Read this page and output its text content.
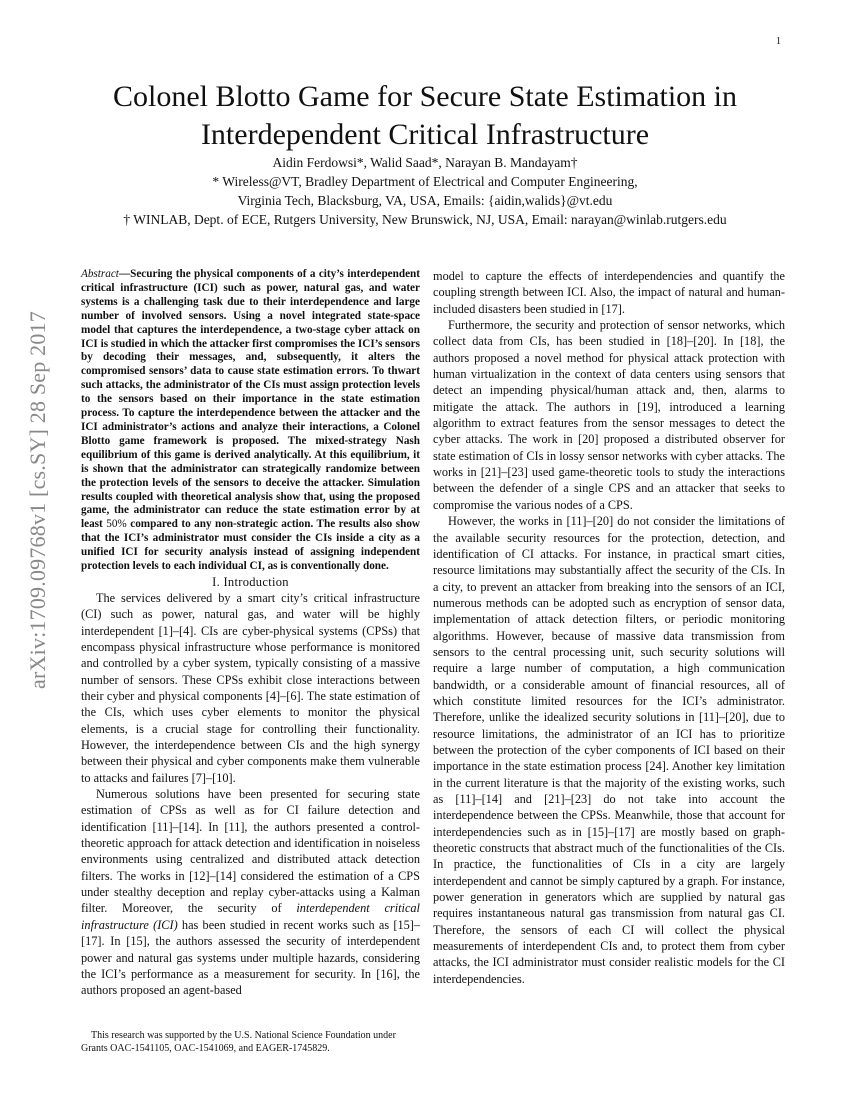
1
arXiv:1709.09768v1 [cs.SY] 28 Sep 2017
Colonel Blotto Game for Secure State Estimation in Interdependent Critical Infrastructure
Aidin Ferdowsi*, Walid Saad*, Narayan B. Mandayam†
* Wireless@VT, Bradley Department of Electrical and Computer Engineering,
Virginia Tech, Blacksburg, VA, USA, Emails: {aidin,walids}@vt.edu
† WINLAB, Dept. of ECE, Rutgers University, New Brunswick, NJ, USA, Email: narayan@winlab.rutgers.edu
Abstract—Securing the physical components of a city’s interdependent critical infrastructure (ICI) such as power, natural gas, and water systems is a challenging task due to their interdependence and large number of involved sensors. Using a novel integrated state-space model that captures the interdependence, a two-stage cyber attack on ICI is studied in which the attacker first compromises the ICI’s sensors by decoding their messages, and, subsequently, it alters the compromised sensors’ data to cause state estimation errors. To thwart such attacks, the administrator of the CIs must assign protection levels to the sensors based on their importance in the state estimation process. To capture the interdependence between the attacker and the ICI administrator’s actions and analyze their interactions, a Colonel Blotto game framework is proposed. The mixed-strategy Nash equilibrium of this game is derived analytically. At this equilibrium, it is shown that the administrator can strategically randomize between the protection levels of the sensors to deceive the attacker. Simulation results coupled with theoretical analysis show that, using the proposed game, the administrator can reduce the state estimation error by at least 50% compared to any non-strategic action. The results also show that the ICI’s administrator must consider the CIs inside a city as a unified ICI for security analysis instead of assigning independent protection levels to each individual CI, as is conventionally done.
I. Introduction

The services delivered by a smart city’s critical infrastructure (CI) such as power, natural gas, and water will be highly interdependent [1]–[4]. CIs are cyber-physical systems (CPSs) that encompass physical infrastructure whose performance is monitored and controlled by a cyber system, typically consisting of a massive number of sensors. These CPSs exhibit close interactions between their cyber and physical components [4]–[6]. The state estimation of the CIs, which uses cyber elements to monitor the physical elements, is a crucial stage for controlling their functionality. However, the interdependence between CIs and the high synergy between their physical and cyber components make them vulnerable to attacks and failures [7]–[10].

Numerous solutions have been presented for securing state estimation of CPSs as well as for CI failure detection and identification [11]–[14]. In [11], the authors presented a control-theoretic approach for attack detection and identification in noiseless environments using centralized and distributed attack detection filters. The works in [12]–[14] considered the estimation of a CPS under stealthy deception and replay cyber-attacks using a Kalman filter. Moreover, the security of interdependent critical infrastructure (ICI) has been studied in recent works such as [15]–[17]. In [15], the authors assessed the security of interdependent power and natural gas systems under multiple hazards, considering the ICI’s performance as a measurement for security. In [16], the authors proposed an agent-based

This research was supported by the U.S. National Science Foundation under Grants OAC-1541105, OAC-1541069, and EAGER-1745829.

model to capture the effects of interdependencies and quantify the coupling strength between ICI. Also, the impact of natural and human-included disasters been studied in [17].

Furthermore, the security and protection of sensor networks, which collect data from CIs, has been studied in [18]–[20]. In [18], the authors proposed a novel method for physical attack protection with human virtualization in the context of data centers using sensors that detect an impending physical/human attack and, then, alarms to mitigate the attack. The authors in [19], introduced a learning algorithm to extract features from the sensor messages to detect the cyber attacks. The work in [20] proposed a distributed observer for state estimation of CIs in lossy sensor networks with cyber attacks. The works in [21]–[23] used game-theoretic tools to study the interactions between the defender of a single CPS and an attacker that seeks to compromise the various nodes of a CPS.

However, the works in [11]–[20] do not consider the limitations of the available security resources for the protection, detection, and identification of CI attacks. For instance, in practical smart cities, resource limitations may substantially affect the security of the CIs. In a city, to prevent an attacker from breaking into the sensors of an ICI, numerous methods can be adopted such as encryption of sensor data, implementation of attack detection filters, or periodic monitoring algorithms. However, because of massive data transmission from sensors to the central processing unit, such security solutions will require a large number of computation, a high communication bandwidth, or a considerable amount of financial resources, all of which constitute limited resources for the ICI’s administrator. Therefore, unlike the idealized security solutions in [11]–[20], due to resource limitations, the administrator of an ICI has to prioritize between the protection of the cyber components of ICI based on their importance in the state estimation process [24]. Another key limitation in the current literature is that the majority of the existing works, such as [11]–[14] and [21]–[23] do not take into account the interdependence between the CPSs. Meanwhile, those that account for interdependencies such as in [15]–[17] are mostly based on graph-theoretic constructs that abstract much of the functionalities of the CIs. In practice, the functionalities of CIs in a city are largely interdependent and cannot be simply captured by a graph. For instance, power generation in generators which are supplied by natural gas requires instantaneous natural gas transmission from natural gas CI. Therefore, the sensors of each CI will collect the physical measurements of interdependent CIs and, to protect them from cyber attacks, the ICI administrator must consider realistic models for the CI interdependencies.
